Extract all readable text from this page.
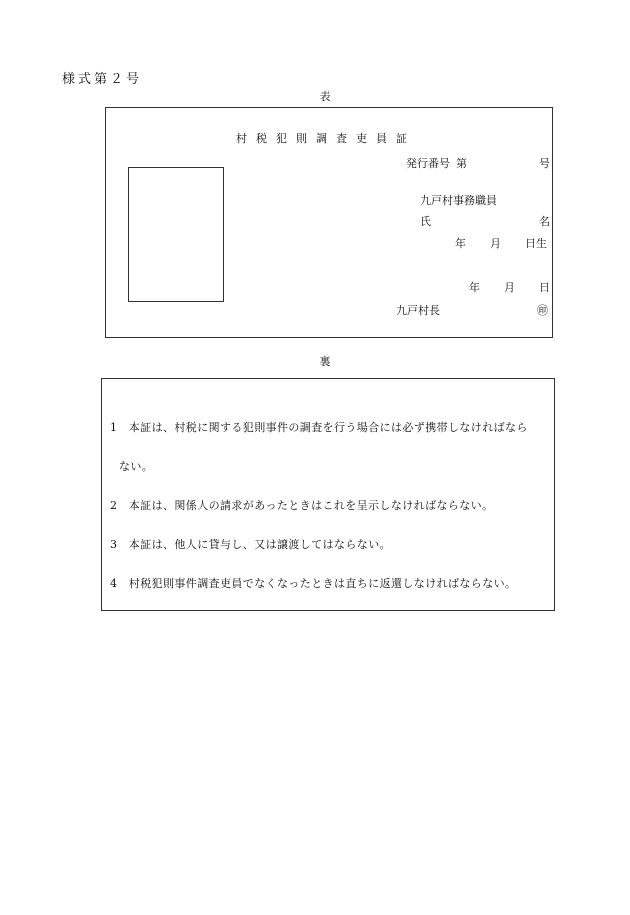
様式第２号
表
村税犯則調査吏員証
発行番号 第	号
九戸村事務職員
氏	名
年 月 日生
年 月 日
九戸村長	㊞
裏
1　本証は、村税に関する犯則事件の調査を行う場合には必ず携帯しなければなら
ない。
2　本証は、関係人の請求があったときはこれを呈示しなければならない。
3　本証は、他人に貸与し、又は譲渡してはならない。
4　村税犯則事件調査吏員でなくなったときは直ちに返還しなければならない。
